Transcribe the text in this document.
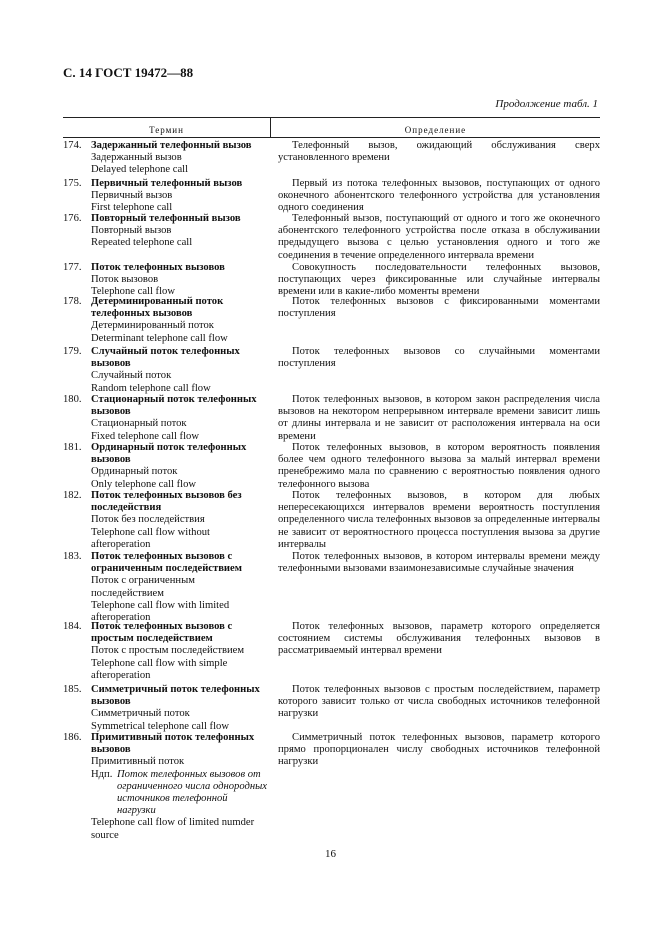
С. 14 ГОСТ 19472—88
Продолжение табл. 1
Термин	Определение
174. Задержанный телефонный вызов
Задержанный вызов
Delayed telephone call
175. Первичный телефонный вызов
Первичный вызов
First telephone call
176. Повторный телефонный вызов
Повторный вызов
Repeated telephone call
177. Поток телефонных вызовов
Поток вызовов
Telephone call flow
178. Детерминированный поток телефонных вызовов
Детерминированный поток
Determinant telephone call flow
179. Случайный поток телефонных вызовов
Случайный поток
Random telephone call flow
180. Стационарный поток телефонных вызовов
Стационарный поток
Fixed telephone call flow
181. Ординарный поток телефонных вызовов
Ординарный поток
Only telephone call flow
182. Поток телефонных вызовов без последействия
Поток без последействия
Telephone call flow without afteroperation
183. Поток телефонных вызовов с ограниченным последействием
Поток с ограниченным последействием
Telephone call flow with limited afteroperation
184. Поток телефонных вызовов с простым последействием
Поток с простым последействием
Telephone call flow with simple afteroperation
185. Симметричный поток телефонных вызовов
Симметричный поток
Symmetrical telephone call flow
186. Примитивный поток телефонных вызовов
Примитивный поток
Ндп. Поток телефонных вызовов от ограниченного числа однородных источников телефонной нагрузки
Telephone call flow of limited numder source
Телефонный вызов, ожидающий обслуживания сверх установленного времени
Первый из потока телефонных вызовов, поступающих от одного оконечного абонентского телефонного устройства для установления одного соединения
Телефонный вызов, поступающий от одного и того же оконечного абонентского телефонного устройства после отказа в обслуживании предыдущего вызова с целью установления одного и того же соединения в течение определенного интервала времени
Совокупность последовательности телефонных вызовов, поступающих через фиксированные или случайные интервалы времени или в какие-либо моменты времени
Поток телефонных вызовов с фиксированными моментами поступления
Поток телефонных вызовов со случайными моментами поступления
Поток телефонных вызовов, в котором закон распределения числа вызовов на некотором непрерывном интервале времени зависит лишь от длины интервала и не зависит от расположения интервала на оси времени
Поток телефонных вызовов, в котором вероятность появления более чем одного телефонного вызова за малый интервал времени пренебрежимо мала по сравнению с вероятностью появления одного телефонного вызова
Поток телефонных вызовов, в котором для любых непересекающихся интервалов времени вероятность поступления определенного числа телефонных вызовов за определенные интервалы не зависит от вероятностного процесса поступления вызова за другие интервалы
Поток телефонных вызовов, в котором интервалы времени между телефонными вызовами взаимонезависимые случайные значения
Поток телефонных вызовов, параметр которого определяется состоянием системы обслуживания телефонных вызовов в рассматриваемый интервал времени
Поток телефонных вызовов с простым последействием, параметр которого зависит только от числа свободных источников телефонной нагрузки
Симметричный поток телефонных вызовов, параметр которого прямо пропорционален числу свободных источников телефонной нагрузки
16
